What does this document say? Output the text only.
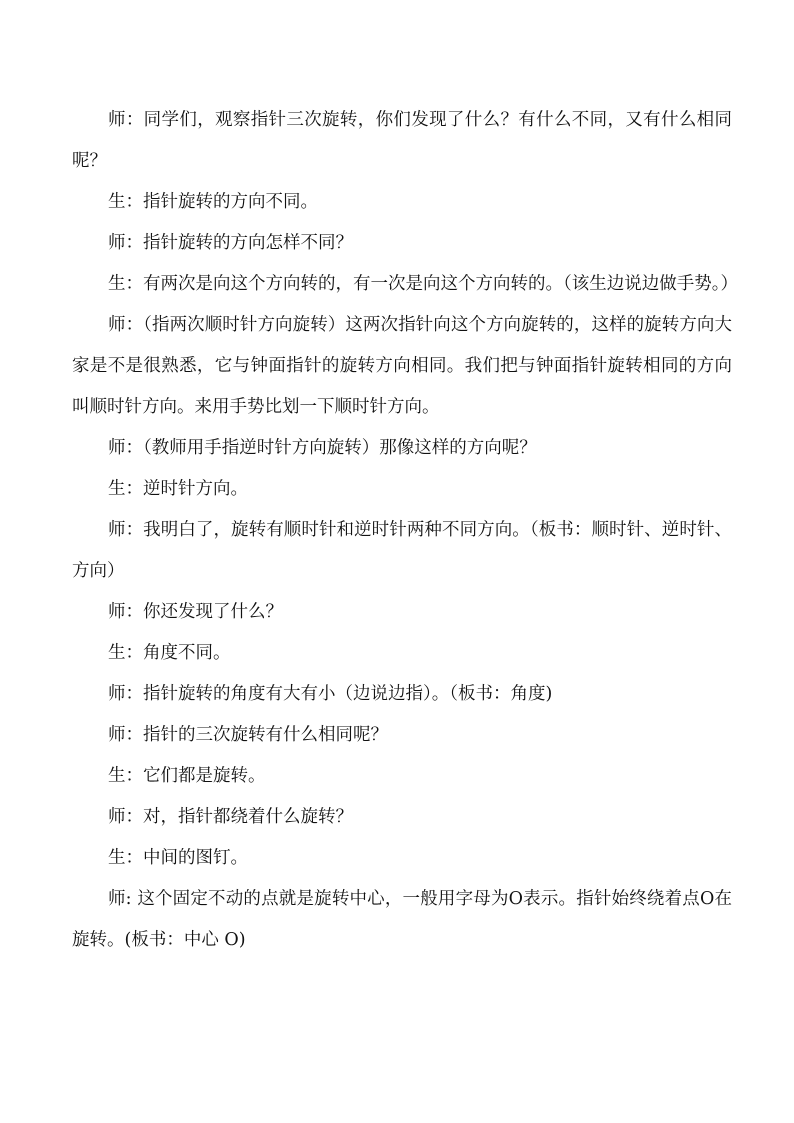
师：同学们，观察指针三次旋转，你们发现了什么？有什么不同，又有什么相同呢？

生：指针旋转的方向不同。

师：指针旋转的方向怎样不同？

生：有两次是向这个方向转的，有一次是向这个方向转的。（该生边说边做手势。）

师：（指两次顺时针方向旋转）这两次指针向这个方向旋转的，这样的旋转方向大家是不是很熟悉，它与钟面指针的旋转方向相同。我们把与钟面指针旋转相同的方向叫顺时针方向。来用手势比划一下顺时针方向。

师：（教师用手指逆时针方向旋转）那像这样的方向呢？

生：逆时针方向。

师：我明白了，旋转有顺时针和逆时针两种不同方向。（板书：顺时针、逆时针、方向）

师：你还发现了什么？

生：角度不同。

师：指针旋转的角度有大有小（边说边指）。（板书：角度)

师：指针的三次旋转有什么相同呢？

生：它们都是旋转。

师：对，指针都绕着什么旋转？

生：中间的图钉。

师: 这个固定不动的点就是旋转中心，一般用字母为O表示。指针始终绕着点O在旋转。(板书：中心 O)
